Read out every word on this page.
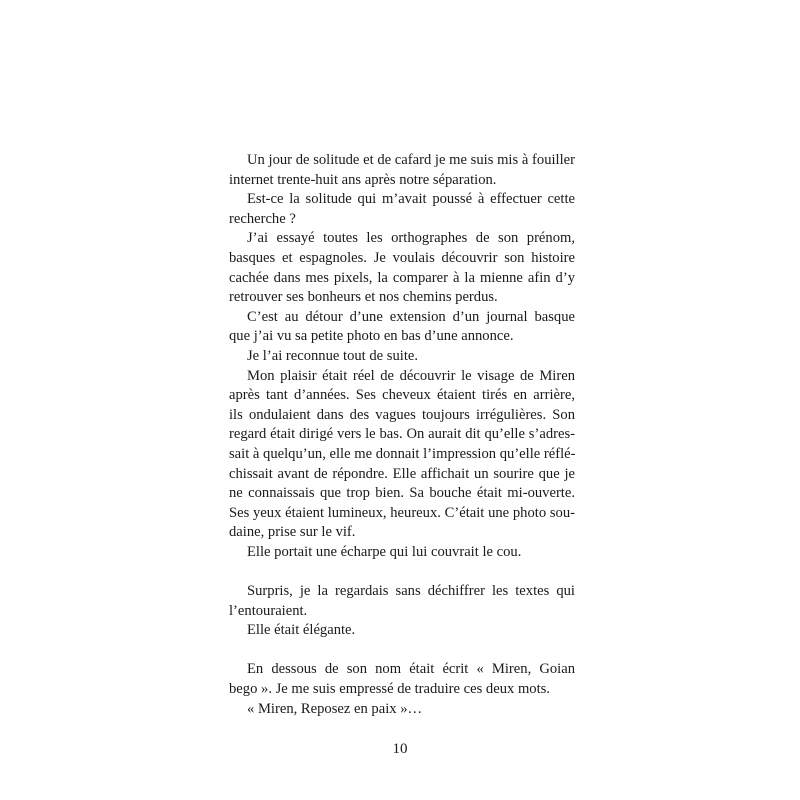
Un jour de solitude et de cafard je me suis mis à fouiller
internet trente-huit ans après notre séparation.
Est-ce la solitude qui m’avait poussé à effectuer cette
recherche ?
J’ai essayé toutes les orthographes de son prénom,
basques et espagnoles. Je voulais découvrir son histoire
cachée dans mes pixels, la comparer à la mienne afin d’y
retrouver ses bonheurs et nos chemins perdus.
C’est au détour d’une extension d’un journal basque
que j’ai vu sa petite photo en bas d’une annonce.
Je l’ai reconnue tout de suite.
Mon plaisir était réel de découvrir le visage de Miren
après tant d’années. Ses cheveux étaient tirés en arrière,
ils ondulaient dans des vagues toujours irrégulières. Son
regard était dirigé vers le bas. On aurait dit qu’elle s’adres-
sait à quelqu’un, elle me donnait l’impression qu’elle réflé-
chissait avant de répondre. Elle affichait un sourire que je
ne connaissais que trop bien. Sa bouche était mi-ouverte.
Ses yeux étaient lumineux, heureux. C’était une photo sou-
daine, prise sur le vif.
Elle portait une écharpe qui lui couvrait le cou.
Surpris, je la regardais sans déchiffrer les textes qui
l’entouraient.
Elle était élégante.
En dessous de son nom était écrit « Miren, Goian
bego ». Je me suis empressé de traduire ces deux mots.
« Miren, Reposez en paix »…
10
